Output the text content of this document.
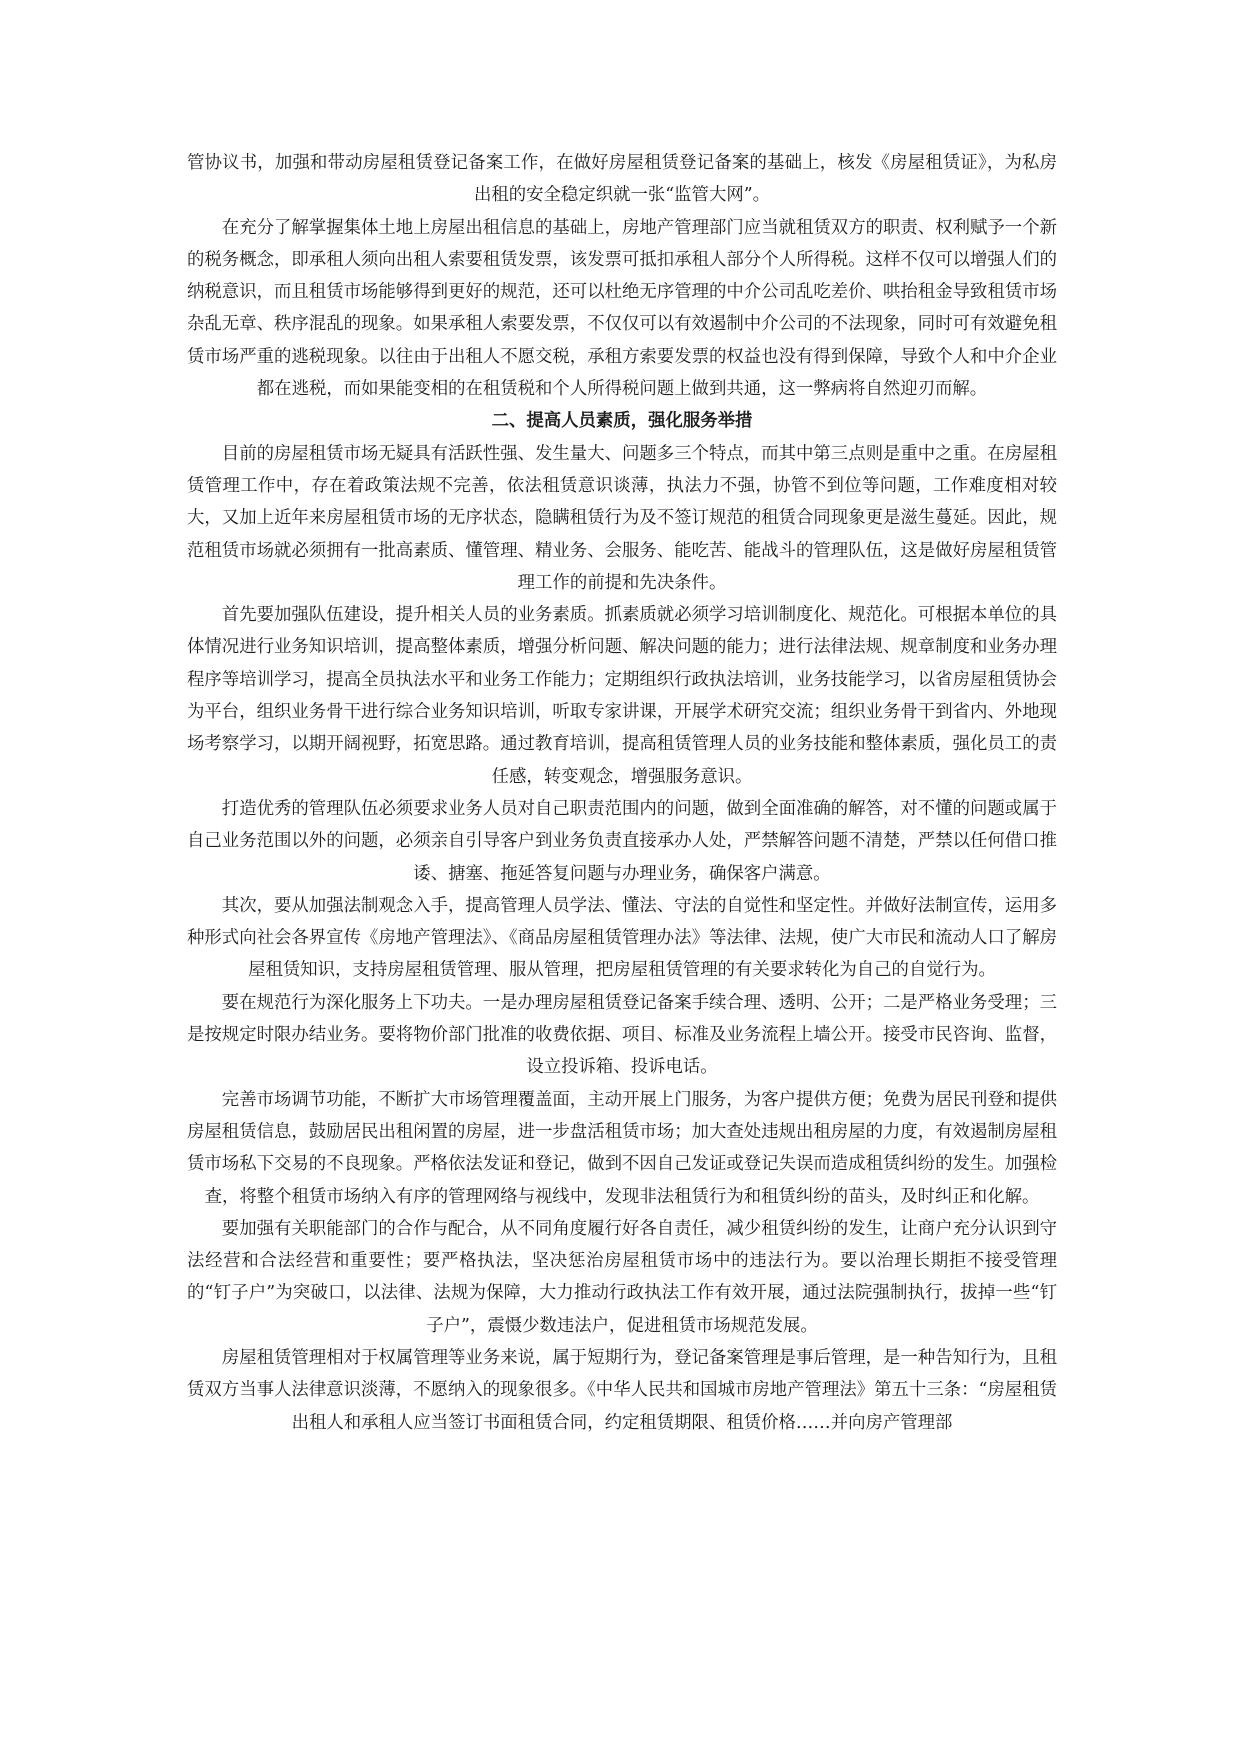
管协议书，加强和带动房屋租赁登记备案工作，在做好房屋租赁登记备案的基础上，核发《房屋租赁证》，为私房出租的安全稳定织就一张“监管大网”。

在充分了解掌握集体土地上房屋出租信息的基础上，房地产管理部门应当就租赁双方的职责、权利赋予一个新的税务概念，即承租人须向出租人索要租赁发票，该发票可抵扣承租人部分个人所得税。这样不仅可以增强人们的纳税意识，而且租赁市场能够得到更好的规范，还可以杜绝无序管理的中介公司乱吃差价、哄抬租金导致租赁市场杂乱无章、秩序混乱的现象。如果承租人索要发票，不仅仅可以有效遏制中介公司的不法现象，同时可有效避免租赁市场严重的逃税现象。以往由于出租人不愿交税，承租方索要发票的权益也没有得到保障，导致个人和中介企业都在逃税，而如果能变相的在租赁税和个人所得税问题上做到共通，这一弊病将自然迎刃而解。

二、提高人员素质，强化服务举措

目前的房屋租赁市场无疑具有活跃性强、发生量大、问题多三个特点，而其中第三点则是重中之重。在房屋租赁管理工作中，存在着政策法规不完善，依法租赁意识谈薄，执法力不强，协管不到位等问题，工作难度相对较大，又加上近年来房屋租赁市场的无序状态，隐瞒租赁行为及不签订规范的租赁合同现象更是滋生蔓延。因此，规范租赁市场就必须拥有一批高素质、懂管理、精业务、会服务、能吃苦、能战斗的管理队伍，这是做好房屋租赁管理工作的前提和先决条件。

首先要加强队伍建设，提升相关人员的业务素质。抓素质就必须学习培训制度化、规范化。可根据本单位的具体情况进行业务知识培训，提高整体素质，增强分析问题、解决问题的能力；进行法律法规、规章制度和业务办理程序等培训学习，提高全员执法水平和业务工作能力；定期组织行政执法培训，业务技能学习，以省房屋租赁协会为平台，组织业务骨干进行综合业务知识培训，听取专家讲课，开展学术研究交流；组织业务骨干到省内、外地现场考察学习，以期开阔视野，拓宽思路。通过教育培训，提高租赁管理人员的业务技能和整体素质，强化员工的责任感，转变观念，增强服务意识。

打造优秀的管理队伍必须要求业务人员对自己职责范围内的问题，做到全面准确的解答，对不懂的问题或属于自己业务范围以外的问题，必须亲自引导客户到业务负责直接承办人处，严禁解答问题不清楚，严禁以任何借口推诿、搪塞、拖延答复问题与办理业务，确保客户满意。

其次，要从加强法制观念入手，提高管理人员学法、懂法、守法的自觉性和坚定性。并做好法制宣传，运用多种形式向社会各界宣传《房地产管理法》、《商品房屋租赁管理办法》等法律、法规，使广大市民和流动人口了解房屋租赁知识，支持房屋租赁管理、服从管理，把房屋租赁管理的有关要求转化为自己的自觉行为。

要在规范行为深化服务上下功夫。一是办理房屋租赁登记备案手续合理、透明、公开；二是严格业务受理；三是按规定时限办结业务。要将物价部门批准的收费依据、项目、标准及业务流程上墙公开。接受市民咨询、监督，设立投诉箱、投诉电话。

完善市场调节功能，不断扩大市场管理覆盖面，主动开展上门服务，为客户提供方便；免费为居民刊登和提供房屋租赁信息，鼓励居民出租闲置的房屋，进一步盘活租赁市场；加大查处违规出租房屋的力度，有效遏制房屋租赁市场私下交易的不良现象。严格依法发证和登记，做到不因自己发证或登记失误而造成租赁纠纷的发生。加强检查，将整个租赁市场纳入有序的管理网络与视线中，发现非法租赁行为和租赁纠纷的苗头，及时纠正和化解。

要加强有关职能部门的合作与配合，从不同角度履行好各自责任，减少租赁纠纷的发生，让商户充分认识到守法经营和合法经营和重要性；要严格执法，坚决惩治房屋租赁市场中的违法行为。要以治理长期拒不接受管理的“钉子户”为突破口，以法律、法规为保障，大力推动行政执法工作有效开展，通过法院强制执行，拔掉一些“钉子户”，震慑少数违法户，促进租赁市场规范发展。

房屋租赁管理相对于权属管理等业务来说，属于短期行为，登记备案管理是事后管理，是一种告知行为，且租赁双方当事人法律意识淡薄，不愿纳入的现象很多。《中华人民共和国城市房地产管理法》第五十三条：“房屋租赁出租人和承租人应当签订书面租赁合同，约定租赁期限、租赁价格……并向房产管理部
